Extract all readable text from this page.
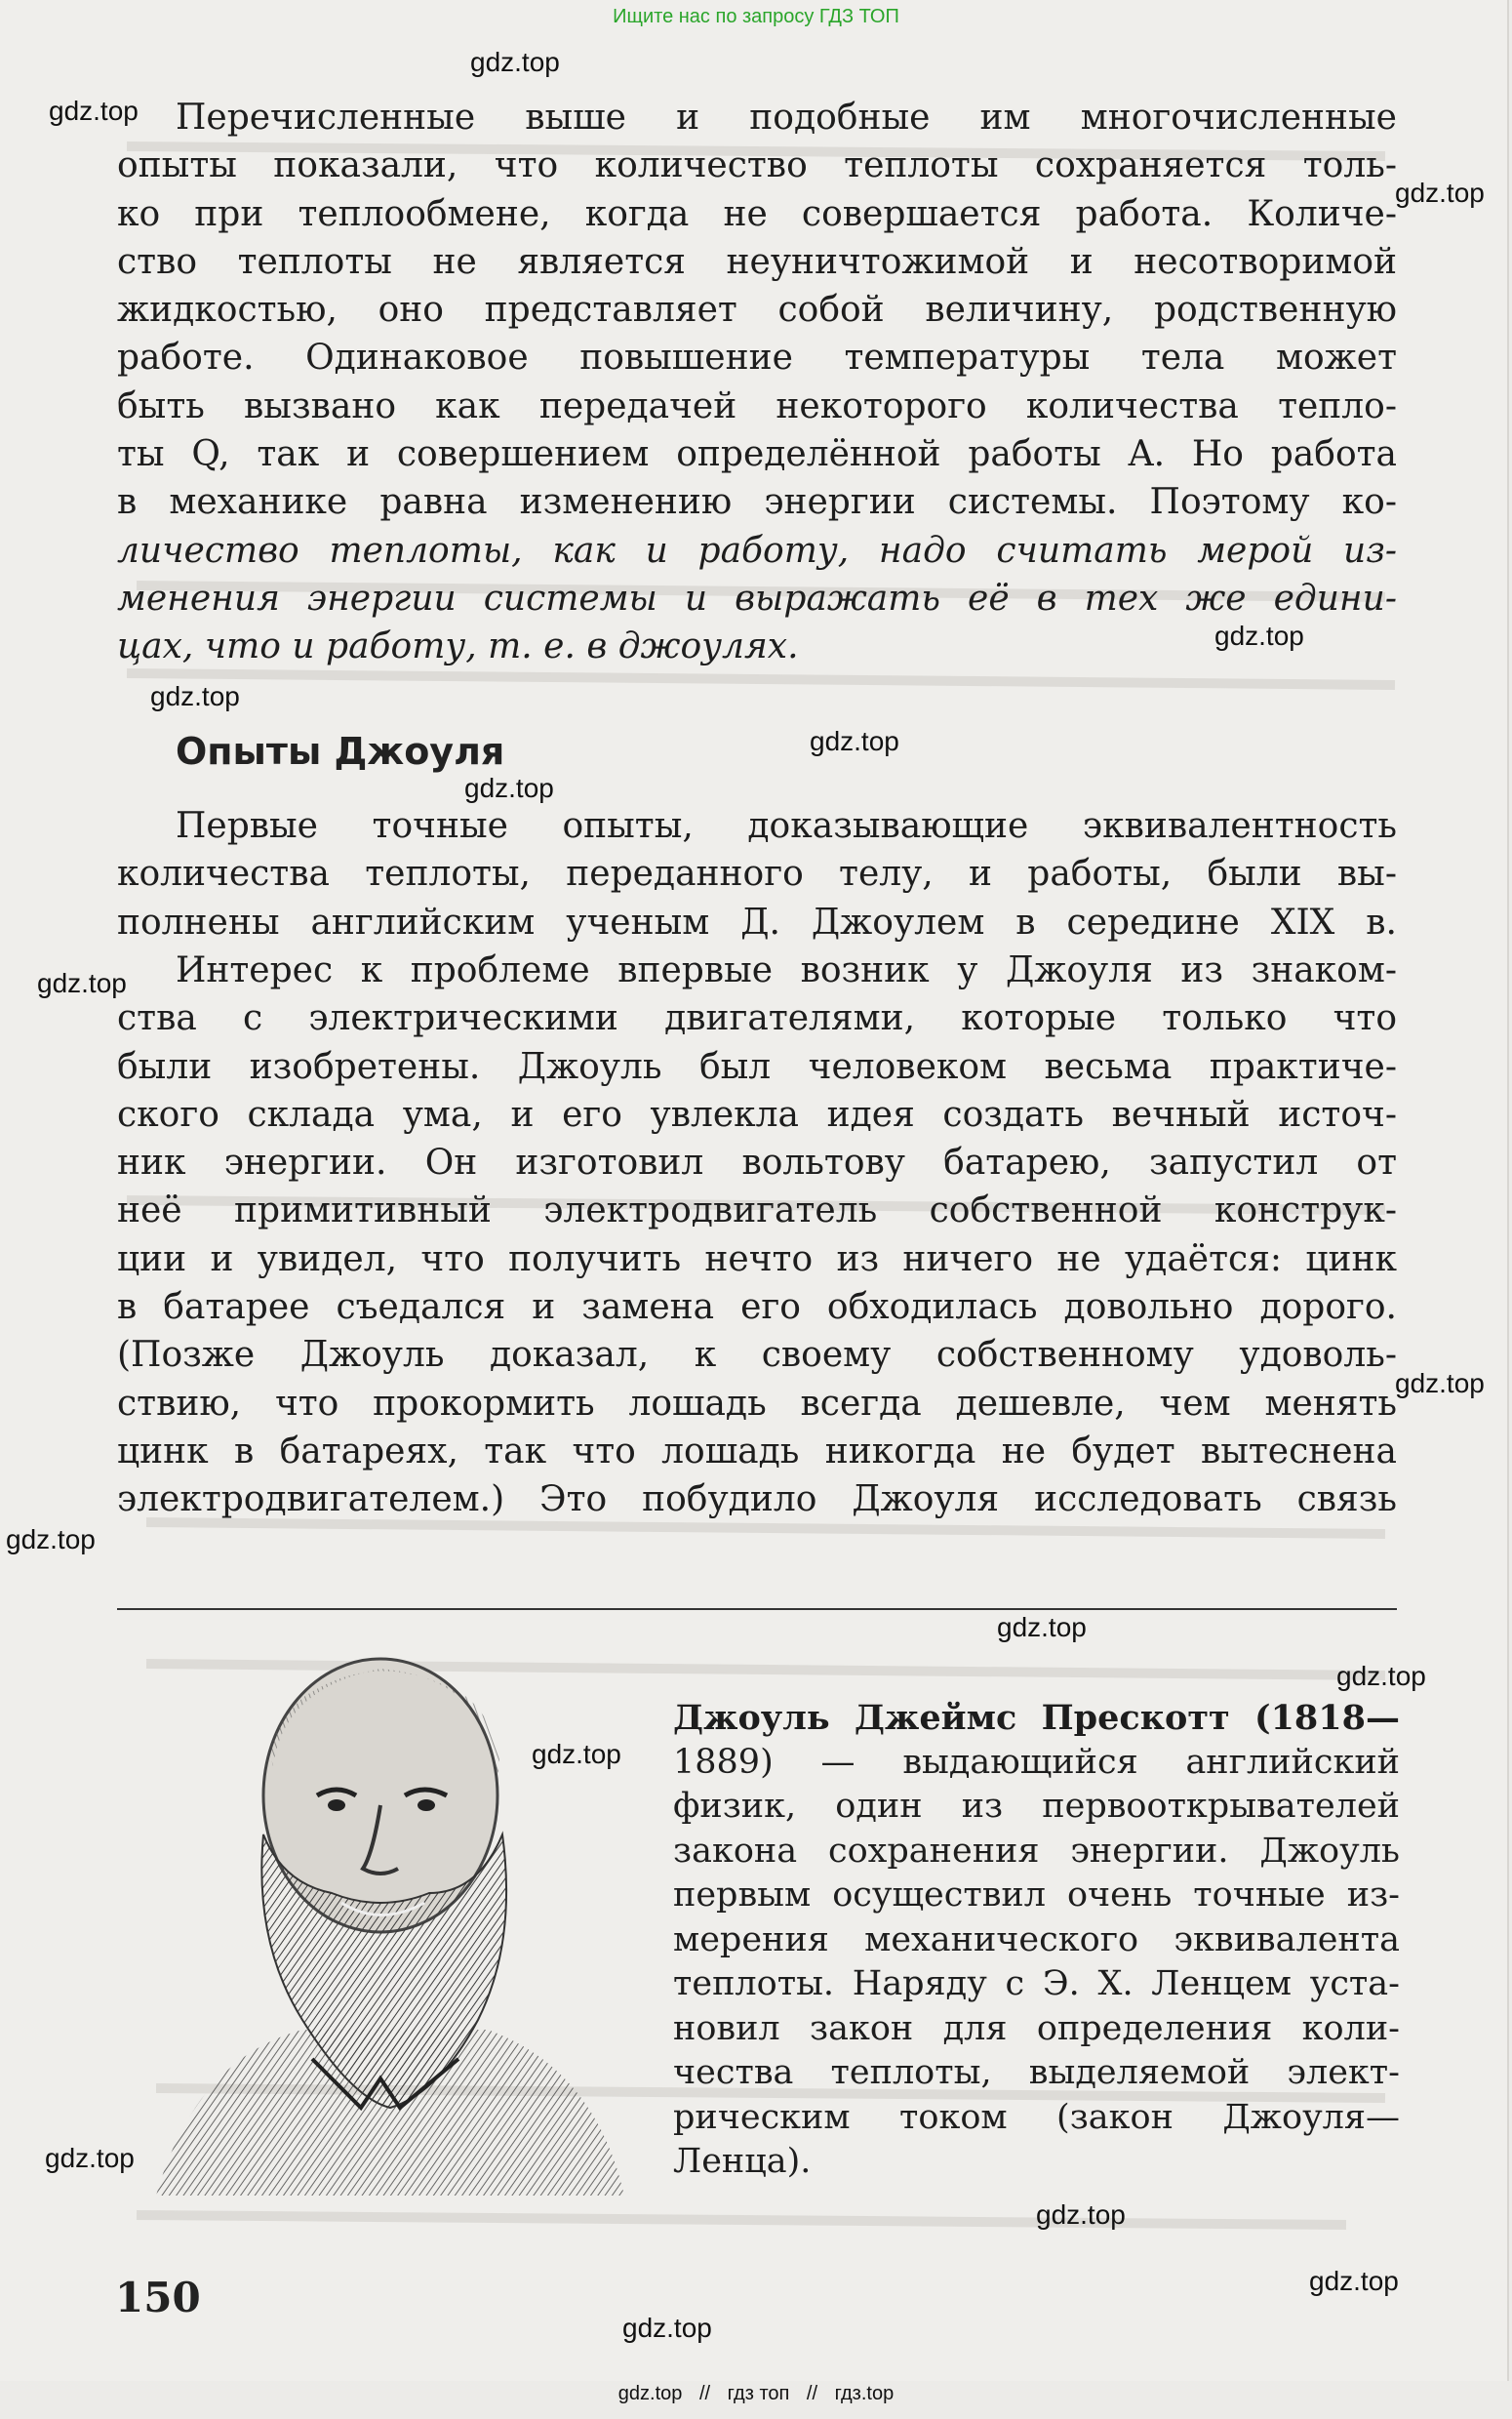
Ищите нас по запросу ГДЗ ТОП
gdz.top
gdz.top
gdz.top
gdz.top
gdz.top
gdz.top
gdz.top
gdz.top
gdz.top
gdz.top
gdz.top
gdz.top
gdz.top
gdz.top
gdz.top
gdz.top
gdz.top
Перечисленные выше и подобные им многочисленные
опыты показали, что количество теплоты сохраняется толь-
ко при теплообмене, когда не совершается работа. Количе-
ство теплоты не является неуничтожимой и несотворимой
жидкостью, оно представляет собой величину, родственную
работе. Одинаковое повышение температуры тела может
быть вызвано как передачей некоторого количества тепло-
ты Q, так и совершением определённой работы A. Но работа
в механике равна изменению энергии системы. Поэтому ко-
личество теплоты, как и работу, надо считать мерой из-
менения энергии системы и выражать её в тех же едини-
цах, что и работу, т. е. в джоулях.
Опыты Джоуля
Первые точные опыты, доказывающие эквивалентность
количества теплоты, переданного телу, и работы, были вы-
полнены английским ученым Д. Джоулем в середине XIX в.
Интерес к проблеме впервые возник у Джоуля из знаком-
ства с электрическими двигателями, которые только что
были изобретены. Джоуль был человеком весьма практиче-
ского склада ума, и его увлекла идея создать вечный источ-
ник энергии. Он изготовил вольтову батарею, запустил от
неё примитивный электродвигатель собственной конструк-
ции и увидел, что получить нечто из ничего не удаётся: цинк
в батарее съедался и замена его обходилась довольно дорого.
(Позже Джоуль доказал, к своему собственному удоволь-
ствию, что прокормить лошадь всегда дешевле, чем менять
цинк в батареях, так что лошадь никогда не будет вытеснена
электродвигателем.) Это побудило Джоуля исследовать связь
Джоуль Джеймс Прескотт (1818—
1889) — выдающийся английский
физик, один из первооткрывателей
закона сохранения энергии. Джоуль
первым осуществил очень точные из-
мерения механического эквивалента
теплоты. Наряду с Э. Х. Ленцем уста-
новил закон для определения коли-
чества теплоты, выделяемой элект-
рическим током (закон Джоуля—
Ленца).
150
gdz.top // гдз топ // гдз.top
